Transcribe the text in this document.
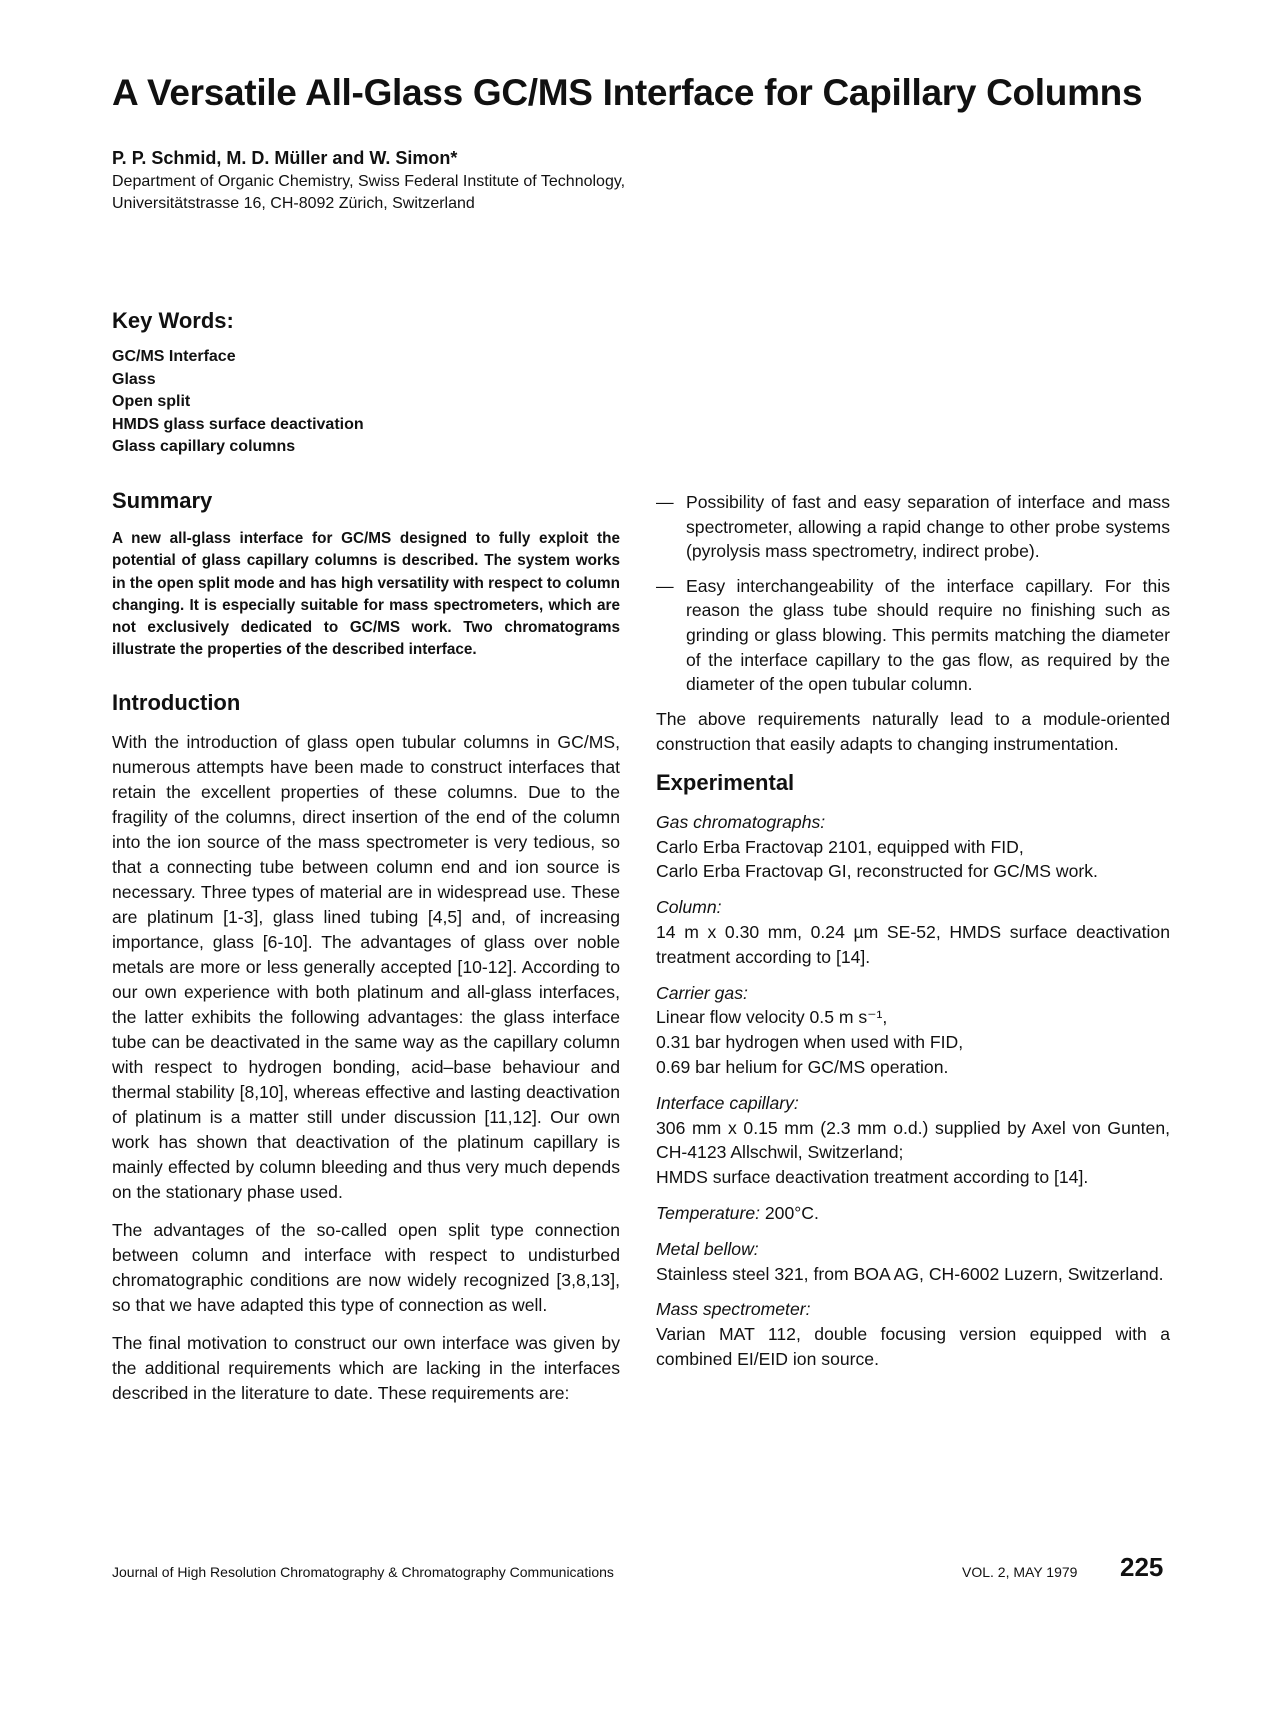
A Versatile All-Glass GC/MS Interface for Capillary Columns
P. P. Schmid, M. D. Müller and W. Simon*
Department of Organic Chemistry, Swiss Federal Institute of Technology,
Universitätstrasse 16, CH-8092 Zürich, Switzerland
Key Words:
GC/MS Interface
Glass
Open split
HMDS glass surface deactivation
Glass capillary columns
Summary

A new all-glass interface for GC/MS designed to fully exploit the potential of glass capillary columns is described. The system works in the open split mode and has high versatility with respect to column changing. It is especially suitable for mass spectrometers, which are not exclusively dedicated to GC/MS work. Two chromatograms illustrate the properties of the described interface.

Introduction

With the introduction of glass open tubular columns in GC/MS, numerous attempts have been made to construct interfaces that retain the excellent properties of these columns. Due to the fragility of the columns, direct insertion of the end of the column into the ion source of the mass spectrometer is very tedious, so that a connecting tube between column end and ion source is necessary. Three types of material are in widespread use. These are platinum [1-3], glass lined tubing [4,5] and, of increasing importance, glass [6-10]. The advantages of glass over noble metals are more or less generally accepted [10-12]. According to our own experience with both platinum and all-glass interfaces, the latter exhibits the following advantages: the glass interface tube can be deactivated in the same way as the capillary column with respect to hydrogen bonding, acid–base behaviour and thermal stability [8,10], whereas effective and lasting deactivation of platinum is a matter still under discussion [11,12]. Our own work has shown that deactivation of the platinum capillary is mainly effected by column bleeding and thus very much depends on the stationary phase used.

The advantages of the so-called open split type connection between column and interface with respect to undisturbed chromatographic conditions are now widely recognized [3,8,13], so that we have adapted this type of connection as well.

The final motivation to construct our own interface was given by the additional requirements which are lacking in the interfaces described in the literature to date. These requirements are:

— Possibility of fast and easy separation of interface and mass spectrometer, allowing a rapid change to other probe systems (pyrolysis mass spectrometry, indirect probe).
— Easy interchangeability of the interface capillary. For this reason the glass tube should require no finishing such as grinding or glass blowing. This permits matching the diameter of the interface capillary to the gas flow, as required by the diameter of the open tubular column.

The above requirements naturally lead to a module-oriented construction that easily adapts to changing instrumentation.

Experimental

Gas chromatographs:

Carlo Erba Fractovap 2101, equipped with FID,
Carlo Erba Fractovap GI, reconstructed for GC/MS work.

Column:

14 m x 0.30 mm, 0.24 µm SE-52, HMDS surface deactivation treatment according to [14].

Carrier gas:

Linear flow velocity 0.5 m s⁻¹,
0.31 bar hydrogen when used with FID,
0.69 bar helium for GC/MS operation.

Interface capillary:

306 mm x 0.15 mm (2.3 mm o.d.) supplied by Axel von Gunten, CH-4123 Allschwil, Switzerland;
HMDS surface deactivation treatment according to [14].

Temperature: 200°C.

Metal bellow:

Stainless steel 321, from BOA AG, CH-6002 Luzern, Switzerland.

Mass spectrometer:

Varian MAT 112, double focusing version equipped with a combined EI/EID ion source.

Journal of High Resolution Chromatography & Chromatography Communications	VOL. 2, MAY 1979 225
